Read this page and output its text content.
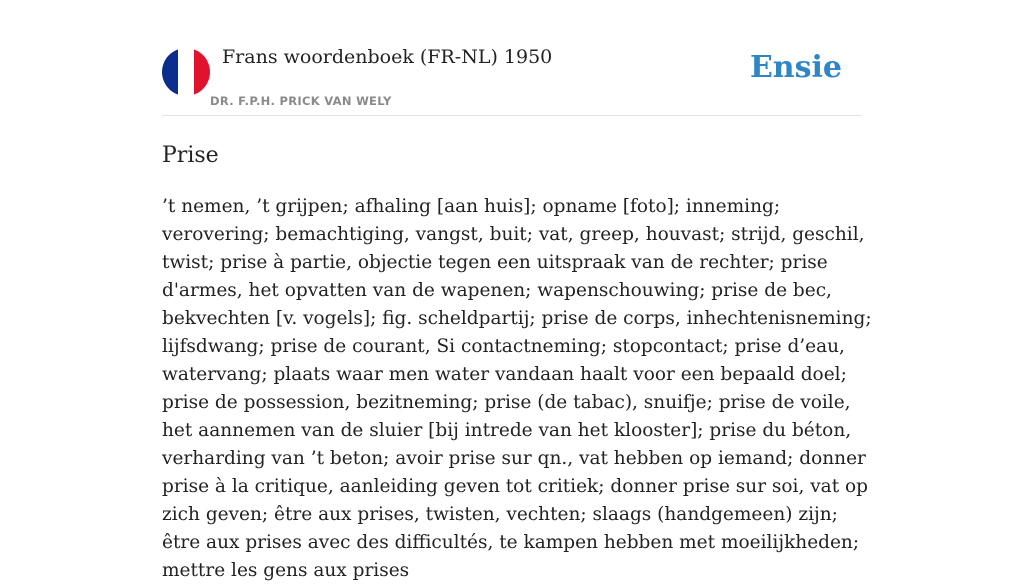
Frans woordenboek (FR-NL) 1950
DR. F.P.H. PRICK VAN WELY
Ensie
Prise

’t nemen, ’t grijpen; afhaling [aan huis]; opname [foto]; inneming; verovering; bemachtiging, vangst, buit; vat, greep, houvast; strijd, geschil, twist; prise à partie, objectie tegen een uitspraak van de rechter; prise d'armes, het opvatten van de wapenen; wapenschouwing; prise de bec, bekvechten [v. vogels]; fig. scheldpartij; prise de corps, inhechtenisneming; lijfsdwang; prise de courant, Si contactneming; stopcontact; prise d’eau, watervang; plaats waar men water vandaan haalt voor een bepaald doel; prise de possession, bezitneming; prise (de tabac), snuifje; prise de voile, het aannemen van de sluier [bij intrede van het klooster]; prise du béton, verharding van ’t beton; avoir prise sur qn., vat hebben op iemand; donner prise à la critique, aanleiding geven tot critiek; donner prise sur soi, vat op zich geven; être aux prises, twisten, vechten; slaags (handgemeen) zijn; être aux prises avec des difficultés, te kampen hebben met moeilijkheden; mettre les gens aux prises
